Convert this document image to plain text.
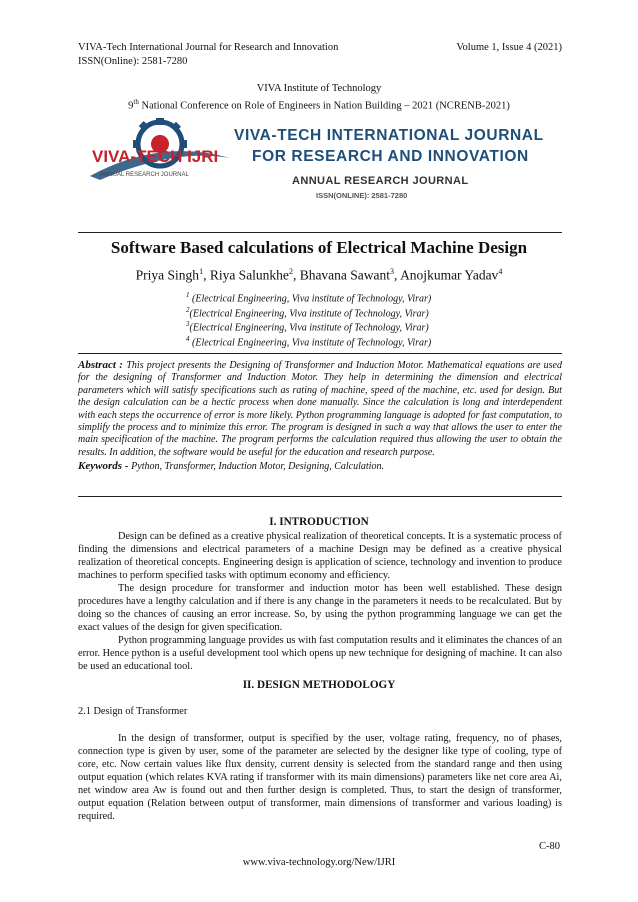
VIVA-Tech International Journal for Research and Innovation
ISSN(Online): 2581-7280
Volume 1, Issue 4 (2021)
VIVA Institute of Technology
9th National Conference on Role of Engineers in Nation Building – 2021 (NCRENB-2021)
VIVA-TECH IJRI
ANNUAL RESEARCH JOURNAL
VIVA-TECH INTERNATIONAL JOURNAL
FOR RESEARCH AND INNOVATION
ANNUAL RESEARCH JOURNAL
ISSN(ONLINE): 2581-7280
Software Based calculations of Electrical Machine Design
Priya Singh$^1$, Riya Salunkhe$^2$, Bhavana Sawant$^3$, Anojkumar Yadav$^4$
$^1$ (Electrical Engineering, Viva institute of Technology, Virar)
$^2$(Electrical Engineering, Viva institute of Technology, Virar)
$^3$(Electrical Engineering, Viva institute of Technology, Virar)
$^4$ (Electrical Engineering, Viva institute of Technology, Virar)

Abstract : This project presents the Designing of Transformer and Induction Motor. Mathematical equations are used for the designing of Transformer and Induction Motor. They help in determining the dimension and electrical parameters which will satisfy specifications such as rating of machine, speed of the machine, etc. used for design. But the design calculation can be a hectic process when done manually. Since the calculation is long and interdependent with each steps the occurrence of error is more likely. Python programming language is adopted for fast computation, to simplify the process and to minimize this error. The program is designed in such a way that allows the user to enter the main specification of the machine. The program performs the calculation required thus allowing the user to obtain the results. In addition, the software would be useful for the education and research purpose.

Keywords - Python, Transformer, Induction Motor, Designing, Calculation.

I. INTRODUCTION

Design can be defined as a creative physical realization of theoretical concepts. It is a systematic process of finding the dimensions and electrical parameters of a machine Design may be defined as a creative physical realization of theoretical concepts. Engineering design is application of science, technology and invention to produce machines to perform specified tasks with optimum economy and efficiency.

The design procedure for transformer and induction motor has been well established. These design procedures have a lengthy calculation and if there is any change in the parameters it needs to be recalculated. But by doing so the chances of causing an error increase. So, by using the python programming language we can get the exact values of the design for given specification.

Python programming language provides us with fast computation results and it eliminates the chances of an error. Hence python is a useful development tool which opens up new technique for designing of machine. It can also be used an educational tool.

II. DESIGN METHODOLOGY
2.1 Design of Transformer

In the design of transformer, output is specified by the user, voltage rating, frequency, no of phases, connection type is given by user, some of the parameter are selected by the designer like type of cooling, type of core, etc. Now certain values like flux density, current density is selected from the standard range and then using output equation (which relates KVA rating if transformer with its main dimensions) parameters like net core area Ai, net window area Aw is found out and then further design is completed. Thus, to start the design of transformer, output equation (Relation between output of transformer, main dimensions of transformer and various loading) is required.

C-80
www.viva-technology.org/New/IJRI
